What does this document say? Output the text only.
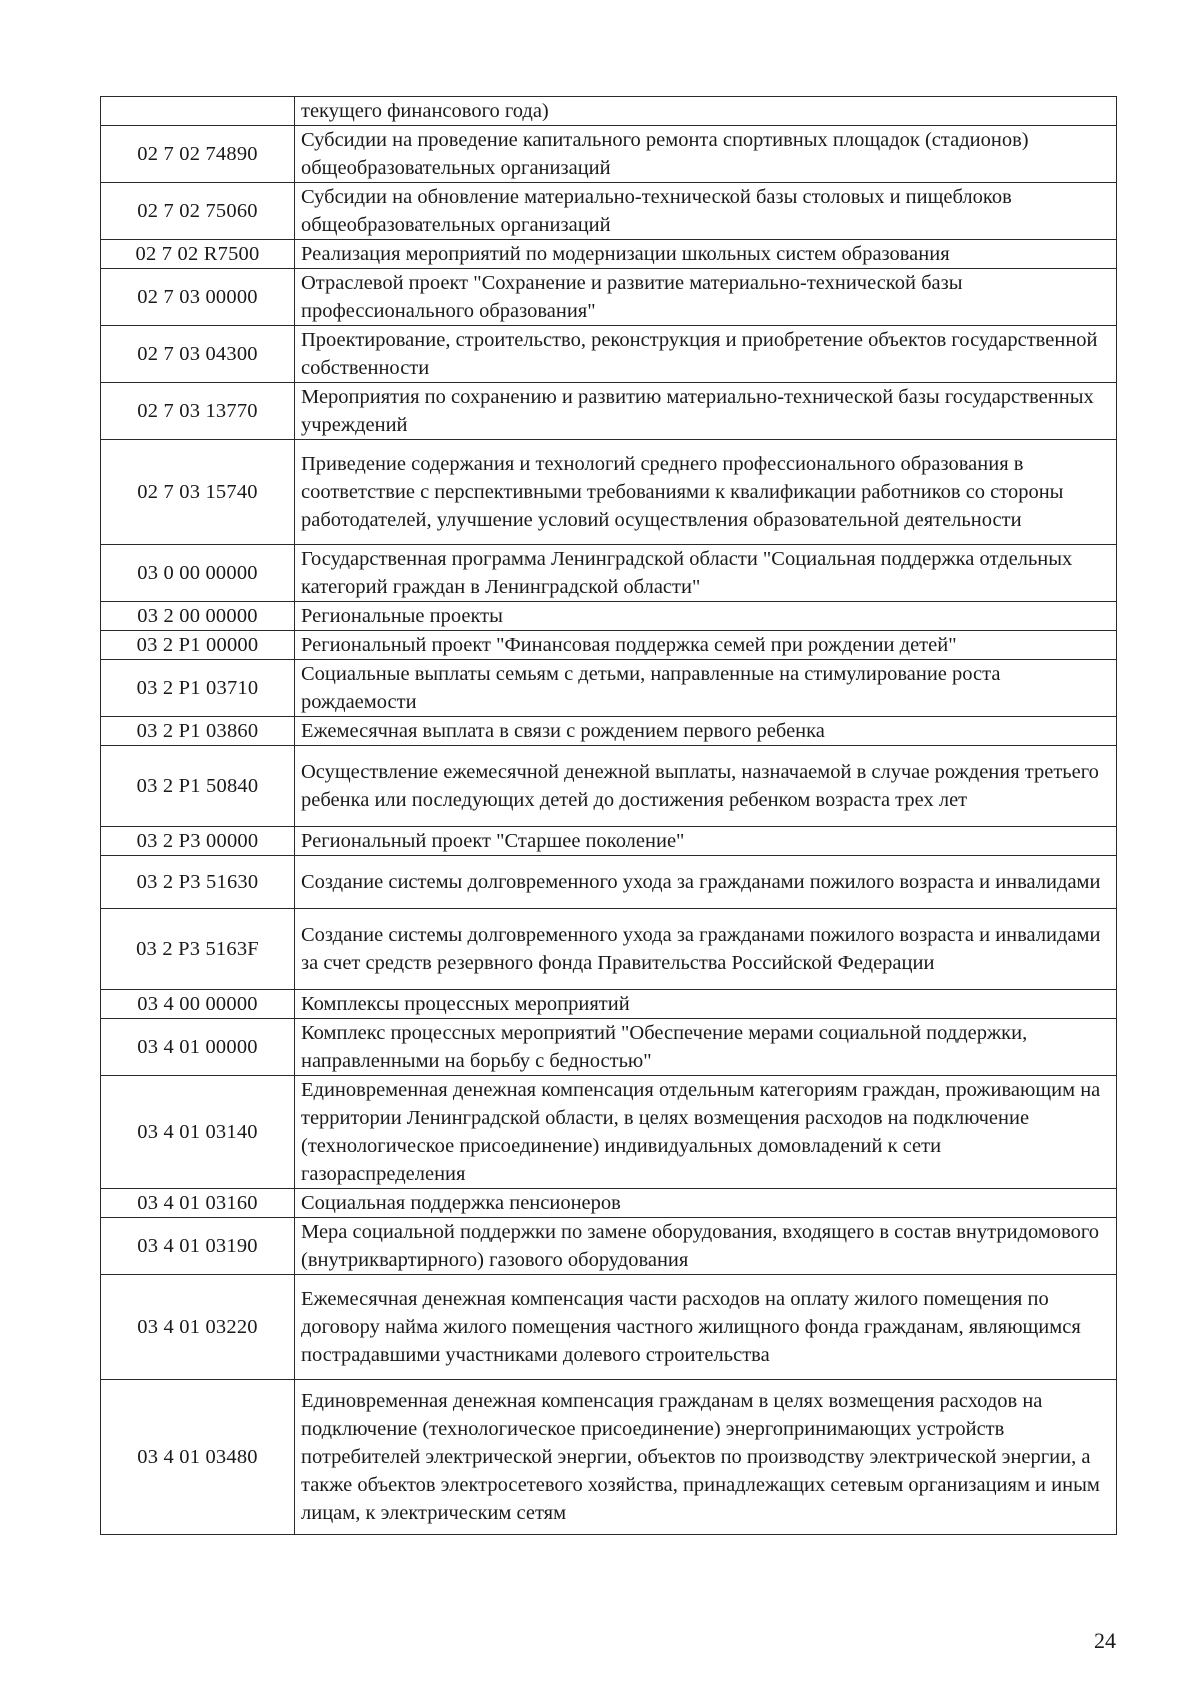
	текущего финансового года)
02 7 02 74890	Субсидии на проведение капитального ремонта спортивных площадок (стадионов) общеобразовательных организаций
02 7 02 75060	Субсидии на обновление материально-технической базы столовых и пищеблоков общеобразовательных организаций
02 7 02 R7500	Реализация мероприятий по модернизации школьных систем образования
02 7 03 00000	Отраслевой проект "Сохранение и развитие материально-технической базы профессионального образования"
02 7 03 04300	Проектирование, строительство, реконструкция и приобретение объектов государственной собственности
02 7 03 13770	Мероприятия по сохранению и развитию материально-технической базы государственных учреждений
02 7 03 15740	Приведение содержания и технологий среднего профессионального образования в соответствие с перспективными требованиями к квалификации работников со стороны работодателей, улучшение условий осуществления образовательной деятельности
03 0 00 00000	Государственная программа Ленинградской области "Социальная поддержка отдельных категорий граждан в Ленинградской области"
03 2 00 00000	Региональные проекты
03 2 P1 00000	Региональный проект "Финансовая поддержка семей при рождении детей"
03 2 P1 03710	Социальные выплаты семьям с детьми, направленные на стимулирование роста рождаемости
03 2 P1 03860	Ежемесячная выплата в связи с рождением первого ребенка
03 2 P1 50840	Осуществление ежемесячной денежной выплаты, назначаемой в случае рождения третьего ребенка или последующих детей до достижения ребенком возраста трех лет
03 2 P3 00000	Региональный проект "Старшее поколение"
03 2 P3 51630	Создание системы долговременного ухода за гражданами пожилого возраста и инвалидами
03 2 P3 5163F	Создание системы долговременного ухода за гражданами пожилого возраста и инвалидами за счет средств резервного фонда Правительства Российской Федерации
03 4 00 00000	Комплексы процессных мероприятий
03 4 01 00000	Комплекс процессных мероприятий "Обеспечение мерами социальной поддержки, направленными на борьбу с бедностью"
03 4 01 03140	Единовременная денежная компенсация отдельным категориям граждан, проживающим на территории Ленинградской области, в целях возмещения расходов на подключение (технологическое присоединение) индивидуальных домовладений к сети газораспределения
03 4 01 03160	Социальная поддержка пенсионеров
03 4 01 03190	Мера социальной поддержки по замене оборудования, входящего в состав внутридомового (внутриквартирного) газового оборудования
03 4 01 03220	Ежемесячная денежная компенсация части расходов на оплату жилого помещения по договору найма жилого помещения частного жилищного фонда гражданам, являющимся пострадавшими участниками долевого строительства
03 4 01 03480	Единовременная денежная компенсация гражданам в целях возмещения расходов на подключение (технологическое присоединение) энергопринимающих устройств потребителей электрической энергии, объектов по производству электрической энергии, а также объектов электросетевого хозяйства, принадлежащих сетевым организациям и иным лицам, к электрическим сетям
24
